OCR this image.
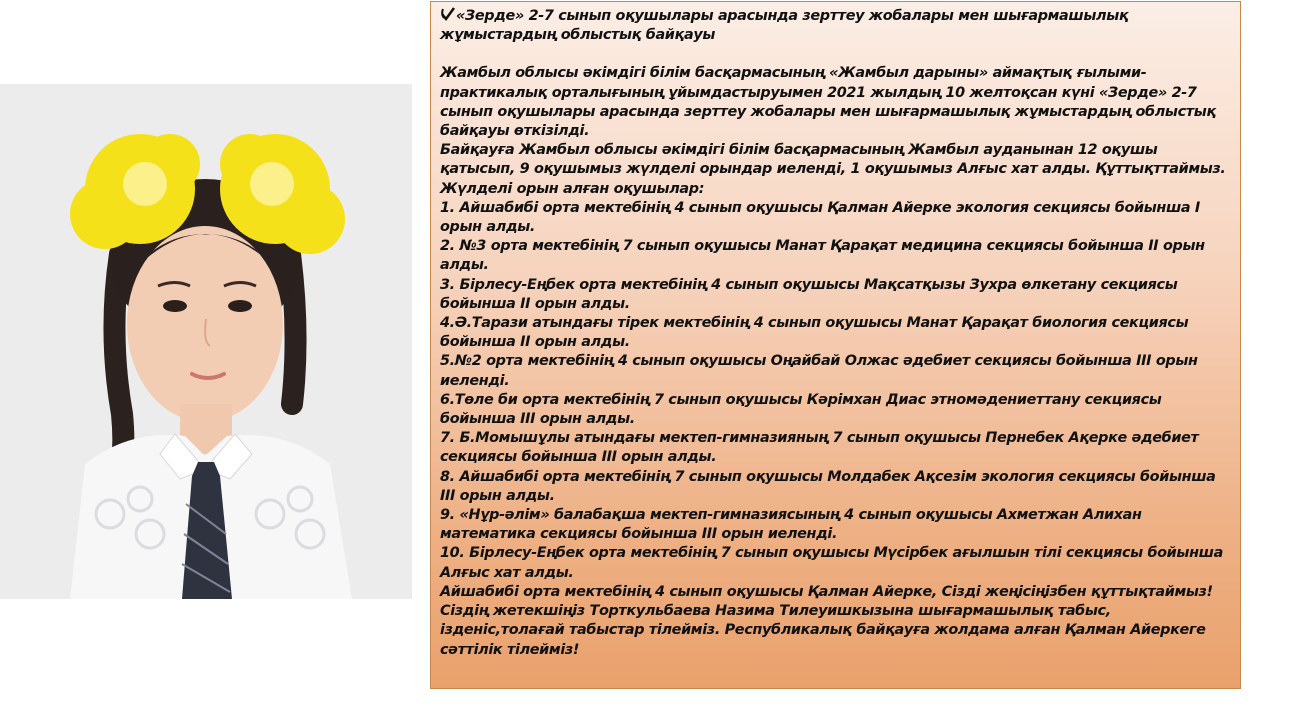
«Зерде» 2-7 сынып оқушылары арасында зерттеу жобалары мен шығармашылық жұмыстардың облыстық байқауы

Жамбыл облысы әкімдігі білім басқармасының «Жамбыл дарыны» аймақтық ғылыми-практикалық орталығының ұйымдастыруымен 2021 жылдың 10 желтоқсан күні «Зерде» 2-7 сынып оқушылары арасында зерттеу жобалары мен шығармашылық жұмыстардың облыстық байқауы өткізілді.

Байқауға Жамбыл облысы әкімдігі білім басқармасының Жамбыл ауданынан 12 оқушы қатысып, 9 оқушымыз жүлделі орындар иеленді, 1 оқушымыз Алғыс хат алды. Құттықттаймыз.

Жүлделі орын алған оқушылар:

1. Айшабибі орта мектебінің 4 сынып оқушысы Қалман Айерке экология секциясы бойынша I орын алды.

2. №3 орта мектебінің 7 сынып оқушысы Манат Қарақат медицина секциясы бойынша II орын алды.

3. Бірлесу-Еңбек орта мектебінің 4 сынып оқушысы Мақсатқызы Зухра өлкетану секциясы бойынша II орын алды.

4.Ә.Тарази атындағы тірек мектебінің 4 сынып оқушысы Манат Қарақат биология секциясы бойынша II орын алды.

5.№2 орта мектебінің 4 сынып оқушысы Оңайбай Олжас әдебиет секциясы бойынша III орын иеленді.

6.Төле би орта мектебінің 7 сынып оқушысы Кәрімхан Диас этномәдениеттану секциясы бойынша III орын алды.

7. Б.Момышұлы атындағы мектеп-гимназияның 7 сынып оқушысы Пернебек Ақерке әдебиет секциясы бойынша III орын алды.

8. Айшабибі орта мектебінің 7 сынып оқушысы Молдабек Ақсезім экология секциясы бойынша III орын алды.

9. «Нұр-әлім» балабақша мектеп-гимназиясының 4 сынып оқушысы Ахметжан Алихан математика секциясы бойынша III орын иеленді.

10. Бірлесу-Еңбек орта мектебінің 7 сынып оқушысы Мүсірбек ағылшын тілі секциясы бойынша Алғыс хат алды.

Айшабибі орта мектебінің 4 сынып оқушысы Қалман Айерке, Сізді жеңісіңізбен құттықтаймыз! Сіздің жетекшіңіз Торткульбаева Назима Тилеуишкызына шығармашылық табыс, ізденіс,толағай табыстар тілейміз. Республикалық байқауға жолдама алған Қалман Айеркеге сәттілік тілейміз!
